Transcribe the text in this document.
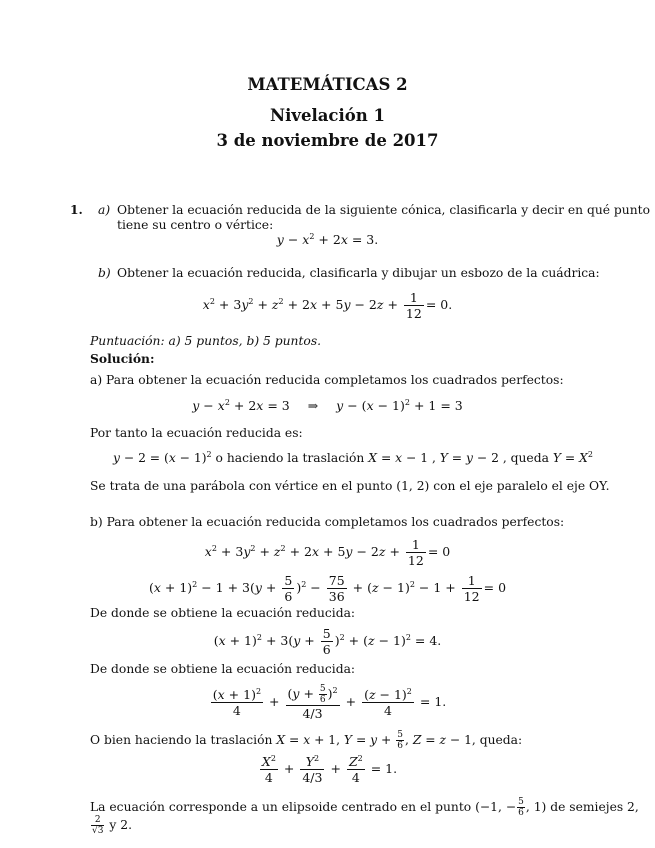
MATEMÁTICAS 2
Nivelación 1
3 de noviembre de 2017
1. a) Obtener la ecuación reducida de la siguiente cónica, clasificarla y decir en qué punto
tiene su centro o vértice:
$y - x^2 + 2x = 3$.
b) Obtener la ecuación reducida, clasificarla y dibujar un esbozo de la cuádrica:
$x^2 + 3y^2 + z^2 + 2x + 5y - 2z + \frac{1}{12} = 0$.
Puntuación: a) 5 puntos, b) 5 puntos.
Solución:
a) Para obtener la ecuación reducida completamos los cuadrados perfectos:
$y - x^2 + 2x = 3$ ⇒ $y - (x - 1)^2 + 1 = 3$
Por tanto la ecuación reducida es:
$y - 2 = (x - 1)^2$ o haciendo la traslación X = x − 1 , Y = y − 2 , queda $Y = X^2$
Se trata de una parábola con vértice en el punto (1, 2) con el eje paralelo el eje OY.
b) Para obtener la ecuación reducida completamos los cuadrados perfectos:
$x^2 + 3y^2 + z^2 + 2x + 5y - 2z + \frac{1}{12} = 0$
$(x + 1)^2 - 1 + 3(y + \frac{5}{6} )^2 - \frac{75}{36} + (z - 1)^2 - 1 + \frac{1}{12} = 0$
De donde se obtiene la ecuación reducida:
$(x + 1)^2 + 3(y + \frac{5}{6} )^2 + (z - 1)^2 = 4$.
De donde se obtiene la ecuación reducida:
$\frac{(x + 1)^2}{4} + \frac{(y + \frac{5}{6} )^2}{4/3} + \frac{(z - 1)^2}{4} = 1$.
O bien haciendo la traslación X = x + 1, $Y = y + \frac{5}{6}$ , Z = z − 1, queda:
$\frac{X^2}{4} + \frac{Y^2}{4/3} + \frac{Z^2}{4} = 1$.
La ecuación corresponde a un elipsoide centrado en el punto (−1, − $\frac{5}{6}$ , 1) de semiejes 2,
$\frac{2}{√3}$ y 2.
